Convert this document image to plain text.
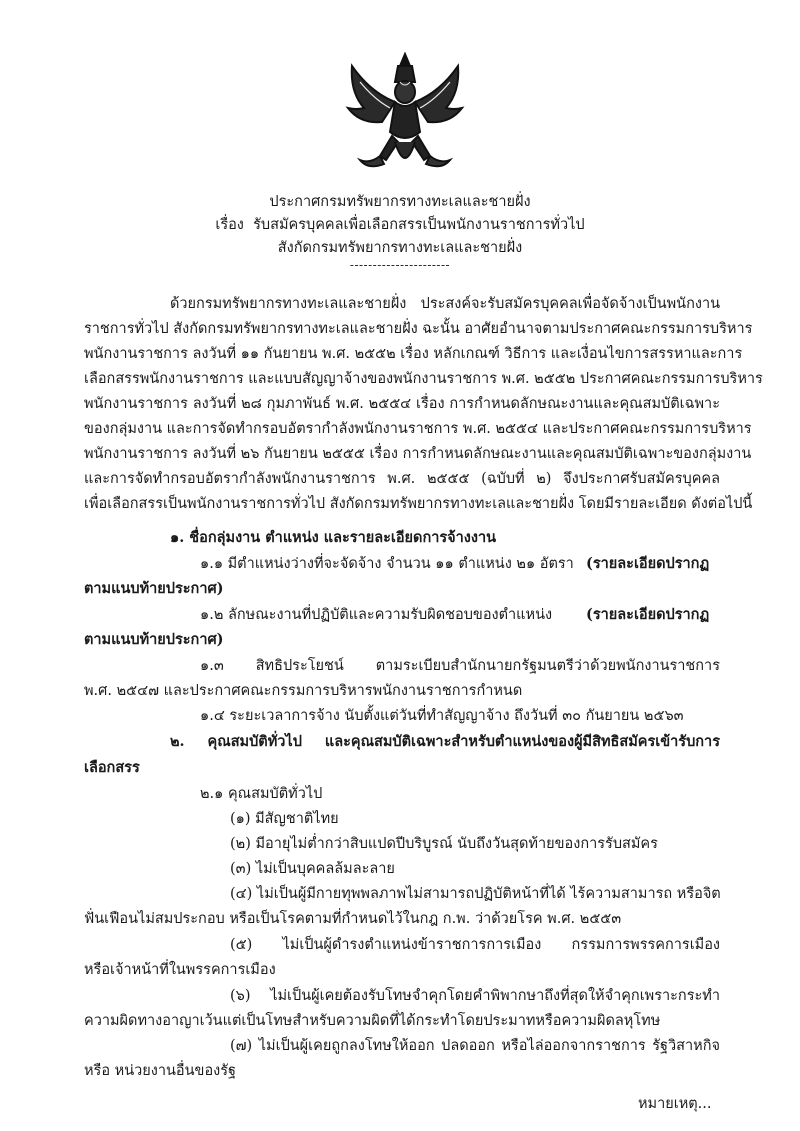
ประกาศกรมทรัพยากรทางทะเลและชายฝั่ง
เรื่อง รับสมัครบุคคลเพื่อเลือกสรรเป็นพนักงานราชการทั่วไป
สังกัดกรมทรัพยากรทางทะเลและชายฝั่ง
----------------------
ด้วยกรมทรัพยากรทางทะเลและชายฝั่ง ประสงค์จะรับสมัครบุคคลเพื่อจัดจ้างเป็นพนักงาน
ราชการทั่วไป สังกัดกรมทรัพยากรทางทะเลและชายฝั่ง ฉะนั้น อาศัยอำนาจตามประกาศคณะกรรมการบริหาร
พนักงานราชการ ลงวันที่ ๑๑ กันยายน พ.ศ. ๒๕๕๒ เรื่อง หลักเกณฑ์ วิธีการ และเงื่อนไขการสรรหาและการ
เลือกสรรพนักงานราชการ และแบบสัญญาจ้างของพนักงานราชการ พ.ศ. ๒๕๕๒ ประกาศคณะกรรมการบริหาร
พนักงานราชการ ลงวันที่ ๒๘ กุมภาพันธ์ พ.ศ. ๒๕๕๔ เรื่อง การกำหนดลักษณะงานและคุณสมบัติเฉพาะ
ของกลุ่มงาน และการจัดทำกรอบอัตรากำลังพนักงานราชการ พ.ศ. ๒๕๕๔ และประกาศคณะกรรมการบริหาร
พนักงานราชการ ลงวันที่ ๒๖ กันยายน ๒๕๕๕ เรื่อง การกำหนดลักษณะงานและคุณสมบัติเฉพาะของกลุ่มงาน
และการจัดทำกรอบอัตรากำลังพนักงานราชการ พ.ศ. ๒๕๕๕ (ฉบับที่ ๒) จึงประกาศรับสมัครบุคคล
เพื่อเลือกสรรเป็นพนักงานราชการทั่วไป สังกัดกรมทรัพยากรทางทะเลและชายฝั่ง โดยมีรายละเอียด ดังต่อไปนี้
๑. ชื่อกลุ่มงาน ตำแหน่ง และรายละเอียดการจ้างงาน
๑.๑ มีตำแหน่งว่างที่จะจัดจ้าง จำนวน ๑๑ ตำแหน่ง ๒๑ อัตรา (รายละเอียดปรากฏ
ตามแนบท้ายประกาศ)
๑.๒ ลักษณะงานที่ปฏิบัติและความรับผิดชอบของตำแหน่ง (รายละเอียดปรากฏ
ตามแนบท้ายประกาศ)
๑.๓ สิทธิประโยชน์ ตามระเบียบสำนักนายกรัฐมนตรีว่าด้วยพนักงานราชการ
พ.ศ. ๒๕๔๗ และประกาศคณะกรรมการบริหารพนักงานราชการกำหนด
๑.๔ ระยะเวลาการจ้าง นับตั้งแต่วันที่ทำสัญญาจ้าง ถึงวันที่ ๓๐ กันยายน ๒๕๖๓
๒. คุณสมบัติทั่วไป และคุณสมบัติเฉพาะสำหรับตำแหน่งของผู้มีสิทธิสมัครเข้ารับการ
เลือกสรร
๒.๑ คุณสมบัติทั่วไป
(๑) มีสัญชาติไทย
(๒) มีอายุไม่ต่ำกว่าสิบแปดปีบริบูรณ์ นับถึงวันสุดท้ายของการรับสมัคร
(๓) ไม่เป็นบุคคลล้มละลาย
(๔) ไม่เป็นผู้มีกายทุพพลภาพไม่สามารถปฏิบัติหน้าที่ได้ ไร้ความสามารถ หรือจิต
ฟั่นเฟือนไม่สมประกอบ หรือเป็นโรคตามที่กำหนดไว้ในกฎ ก.พ. ว่าด้วยโรค พ.ศ. ๒๕๕๓
(๕) ไม่เป็นผู้ดำรงตำแหน่งข้าราชการการเมือง กรรมการพรรคการเมือง
หรือเจ้าหน้าที่ในพรรคการเมือง
(๖) ไม่เป็นผู้เคยต้องรับโทษจำคุกโดยคำพิพากษาถึงที่สุดให้จำคุกเพราะกระทำ
ความผิดทางอาญาเว้นแต่เป็นโทษสำหรับความผิดที่ได้กระทำโดยประมาทหรือความผิดลหุโทษ
(๗) ไม่เป็นผู้เคยถูกลงโทษให้ออก ปลดออก หรือไล่ออกจากราชการ รัฐวิสาหกิจ
หรือ หน่วยงานอื่นของรัฐ
หมายเหตุ...
